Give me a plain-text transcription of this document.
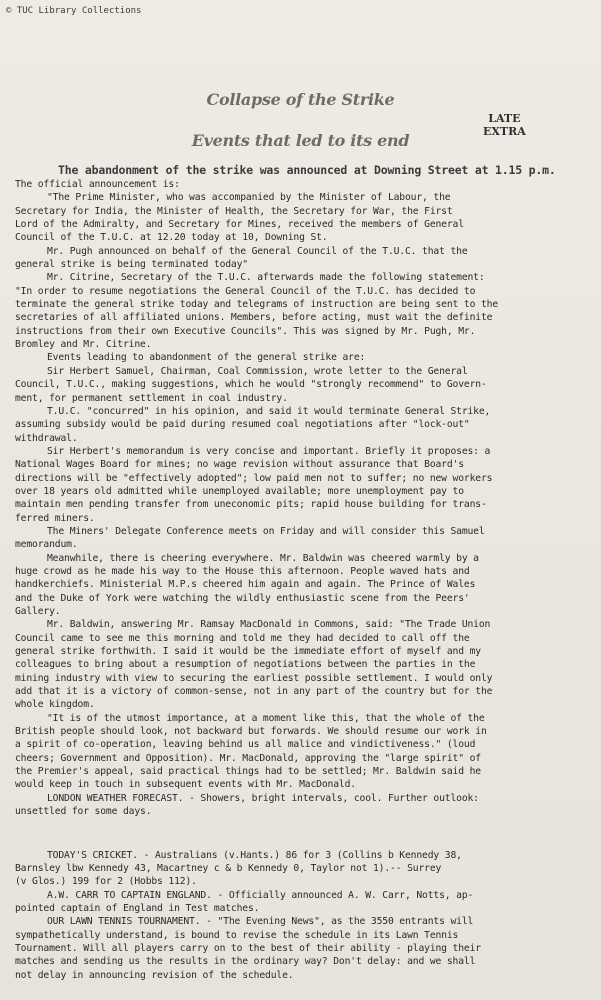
© TUC Library Collections
Collapse of the Strike
Events that led to its end
LATE
EXTRA
The abandonment of the strike was announced at Downing Street at 1.15 p.m.

The official announcement is:

"The Prime Minister, who was accompanied by the Minister of Labour, the

Secretary for India, the Minister of Health, the Secretary for War, the First

Lord of the Admiralty, and Secretary for Mines, received the members of General

Council of the T.U.C. at 12.20 today at 10, Downing St.

Mr. Pugh announced on behalf of the General Council of the T.U.C. that the

general strike is being terminated today"

Mr. Citrine, Secretary of the T.U.C. afterwards made the following statement:

"In order to resume negotiations the General Council of the T.U.C. has decided to

terminate the general strike today and telegrams of instruction are being sent to the

secretaries of all affiliated unions. Members, before acting, must wait the definite

instructions from their own Executive Councils". This was signed by Mr. Pugh, Mr.

Bromley and Mr. Citrine.

Events leading to abandonment of the general strike are:

Sir Herbert Samuel, Chairman, Coal Commission, wrote letter to the General

Council, T.U.C., making suggestions, which he would "strongly recommend" to Govern-

ment, for permanent settlement in coal industry.

T.U.C. "concurred" in his opinion, and said it would terminate General Strike,

assuming subsidy would be paid during resumed coal negotiations after "lock-out"

withdrawal.

Sir Herbert's memorandum is very concise and important. Briefly it proposes: a

National Wages Board for mines; no wage revision without assurance that Board's

directions will be "effectively adopted"; low paid men not to suffer; no new workers

over 18 years old admitted while unemployed available; more unemployment pay to

maintain men pending transfer from uneconomic pits; rapid house building for trans-

ferred miners.

The Miners' Delegate Conference meets on Friday and will consider this Samuel

memorandum.

Meanwhile, there is cheering everywhere. Mr. Baldwin was cheered warmly by a

huge crowd as he made his way to the House this afternoon. People waved hats and

handkerchiefs. Ministerial M.P.s cheered him again and again. The Prince of Wales

and the Duke of York were watching the wildly enthusiastic scene from the Peers'

Gallery.

Mr. Baldwin, answering Mr. Ramsay MacDonald in Commons, said: "The Trade Union

Council came to see me this morning and told me they had decided to call off the

general strike forthwith. I said it would be the immediate effort of myself and my

colleagues to bring about a resumption of negotiations between the parties in the

mining industry with view to securing the earliest possible settlement. I would only

add that it is a victory of common-sense, not in any part of the country but for the

whole kingdom.

"It is of the utmost importance, at a moment like this, that the whole of the

British people should look, not backward but forwards. We should resume our work in

a spirit of co-operation, leaving behind us all malice and vindictiveness." (loud

cheers; Government and Opposition). Mr. MacDonald, approving the "large spirit" of

the Premier's appeal, said practical things had to be settled; Mr. Baldwin said he

would keep in touch in subsequent events with Mr. MacDonald.

LONDON WEATHER FORECAST. - Showers, bright intervals, cool. Further outlook:

unsettled for some days.

TODAY'S CRICKET. - Australians (v.Hants.) 86 for 3 (Collins b Kennedy 38,

Barnsley lbw Kennedy 43, Macartney c & b Kennedy 0, Taylor not 1).-- Surrey

(v Glos.) 199 for 2 (Hobbs 112).

A.W. CARR TO CAPTAIN ENGLAND. - Officially announced A. W. Carr, Notts, ap-

pointed captain of England in Test matches.

OUR LAWN TENNIS TOURNAMENT. - "The Evening News", as the 3550 entrants will

sympathetically understand, is bound to revise the schedule in its Lawn Tennis

Tournament. Will all players carry on to the best of their ability - playing their

matches and sending us the results in the ordinary way? Don't delay: and we shall

not delay in announcing revision of the schedule.
